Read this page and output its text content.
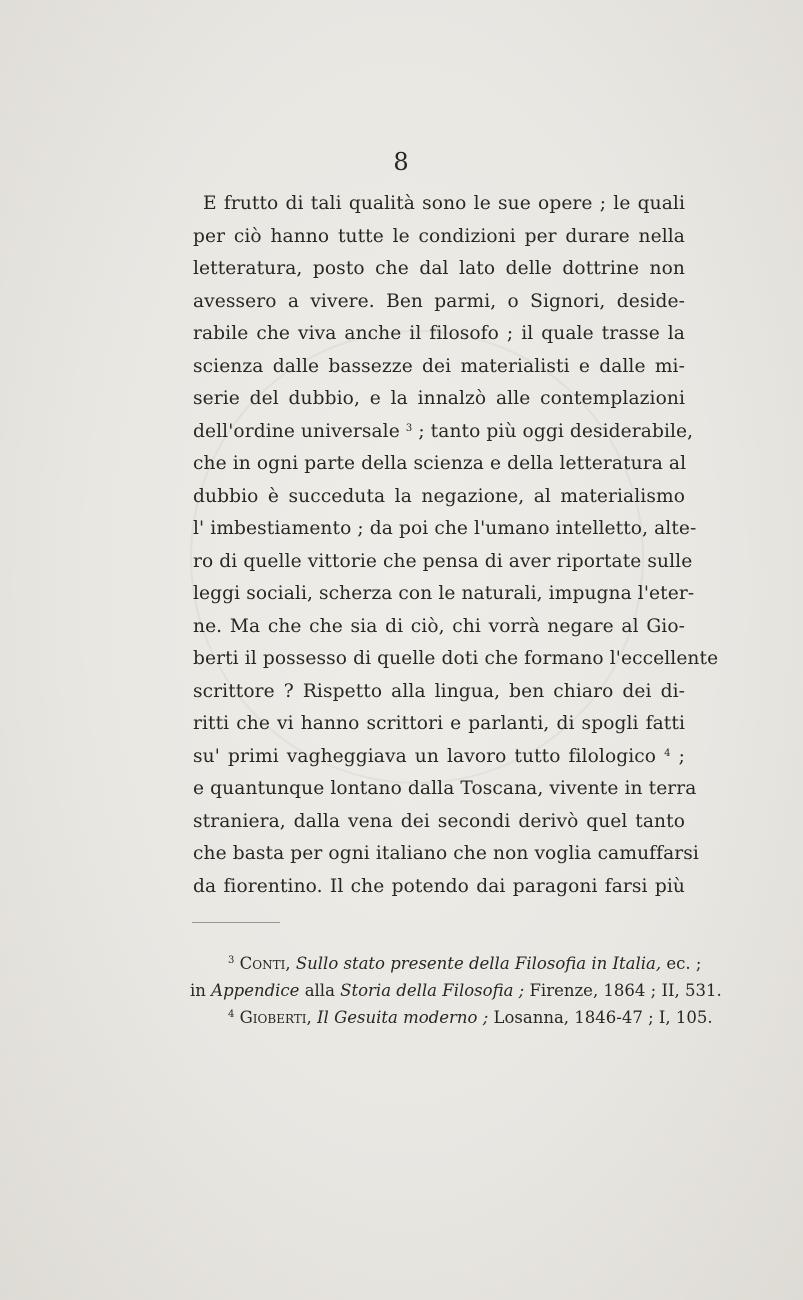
8
E frutto di tali qualità sono le sue opere ; le quali
per ciò hanno tutte le condizioni per durare nella
letteratura, posto che dal lato delle dottrine non
avessero a vivere. Ben parmi, o Signori, deside-
rabile che viva anche il filosofo ; il quale trasse la
scienza dalle bassezze dei materialisti e dalle mi-
serie del dubbio, e la innalzò alle contemplazioni
dell'ordine universale $^3$ ; tanto più oggi desiderabile,
che in ogni parte della scienza e della letteratura al
dubbio è succeduta la negazione, al materialismo
l' imbestiamento ; da poi che l'umano intelletto, alte-
ro di quelle vittorie che pensa di aver riportate sulle
leggi sociali, scherza con le naturali, impugna l'eter-
ne. Ma che che sia di ciò, chi vorrà negare al Gio-
berti il possesso di quelle doti che formano l'eccellente
scrittore ? Rispetto alla lingua, ben chiaro dei di-
ritti che vi hanno scrittori e parlanti, di spogli fatti
su' primi vagheggiava un lavoro tutto filologico $^4$ ;
e quantunque lontano dalla Toscana, vivente in terra
straniera, dalla vena dei secondi derivò quel tanto
che basta per ogni italiano che non voglia camuffarsi
da fiorentino. Il che potendo dai paragoni farsi più
$^3$ Conti, Sullo stato presente della Filosofia in Italia, ec. ;
in Appendice alla Storia della Filosofia ; Firenze, 1864 ; II, 531.
$^4$ Gioberti, Il Gesuita moderno ; Losanna, 1846-47 ; I, 105.
